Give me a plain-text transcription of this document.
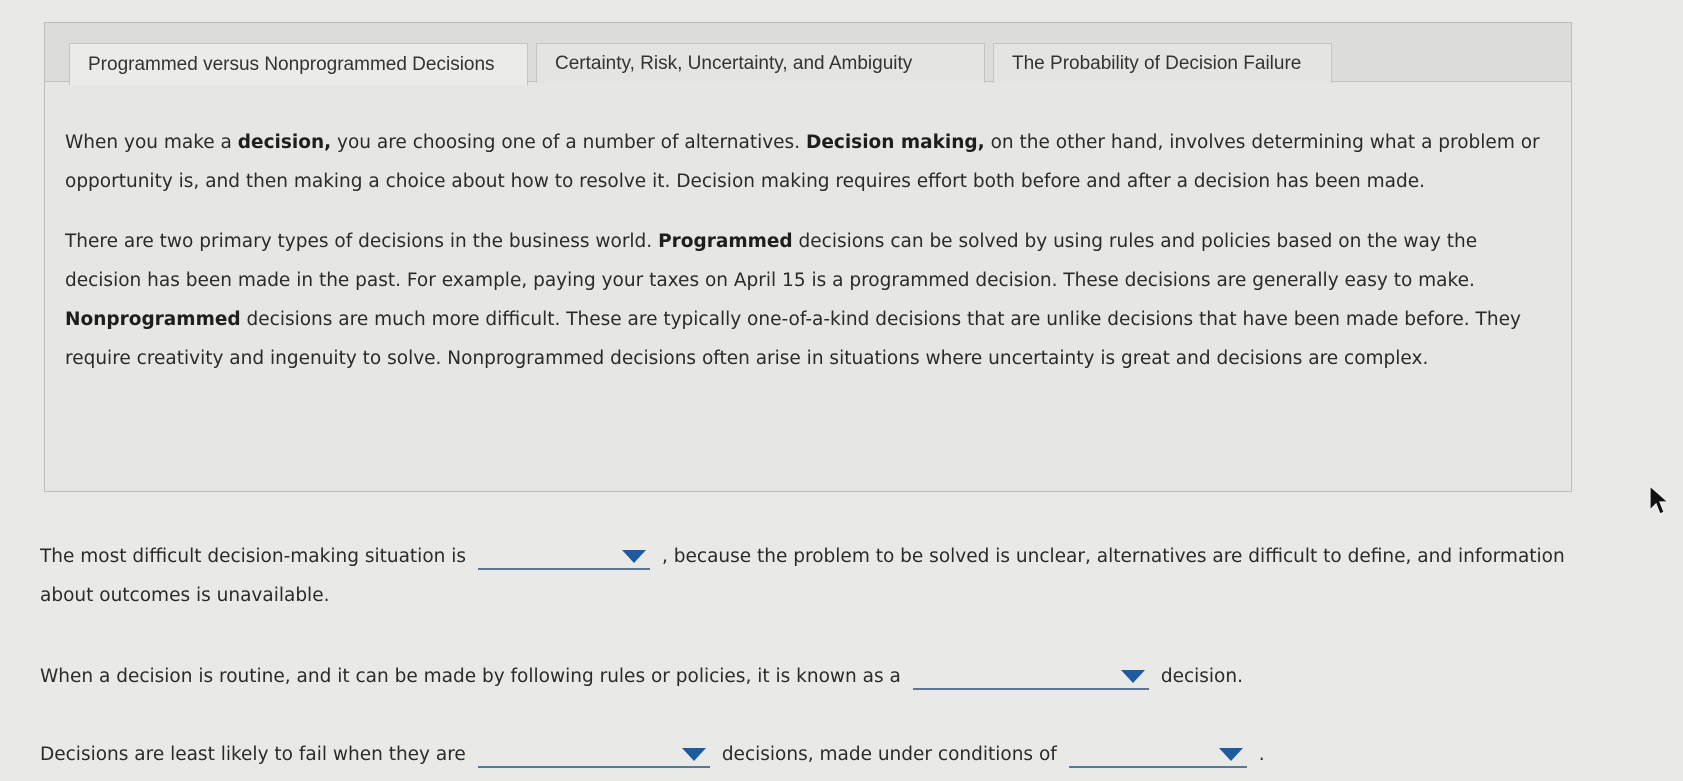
Programmed versus Nonprogrammed Decisions	Certainty, Risk, Uncertainty, and Ambiguity	The Probability of Decision Failure

When you make a decision, you are choosing one of a number of alternatives. Decision making, on the other hand, involves determining what a problem or opportunity is, and then making a choice about how to resolve it. Decision making requires effort both before and after a decision has been made.

There are two primary types of decisions in the business world. Programmed decisions can be solved by using rules and policies based on the way the decision has been made in the past. For example, paying your taxes on April 15 is a programmed decision. These decisions are generally easy to make. Nonprogrammed decisions are much more difficult. These are typically one-of-a-kind decisions that are unlike decisions that have been made before. They require creativity and ingenuity to solve. Nonprogrammed decisions often arise in situations where uncertainty is great and decisions are complex.

The most difficult decision-making situation is	, because the problem to be solved is unclear, alternatives are difficult to define, and information about outcomes is unavailable.
When a decision is routine, and it can be made by following rules or policies, it is known as a	decision.
Decisions are least likely to fail when they are	decisions, made under conditions of	.
